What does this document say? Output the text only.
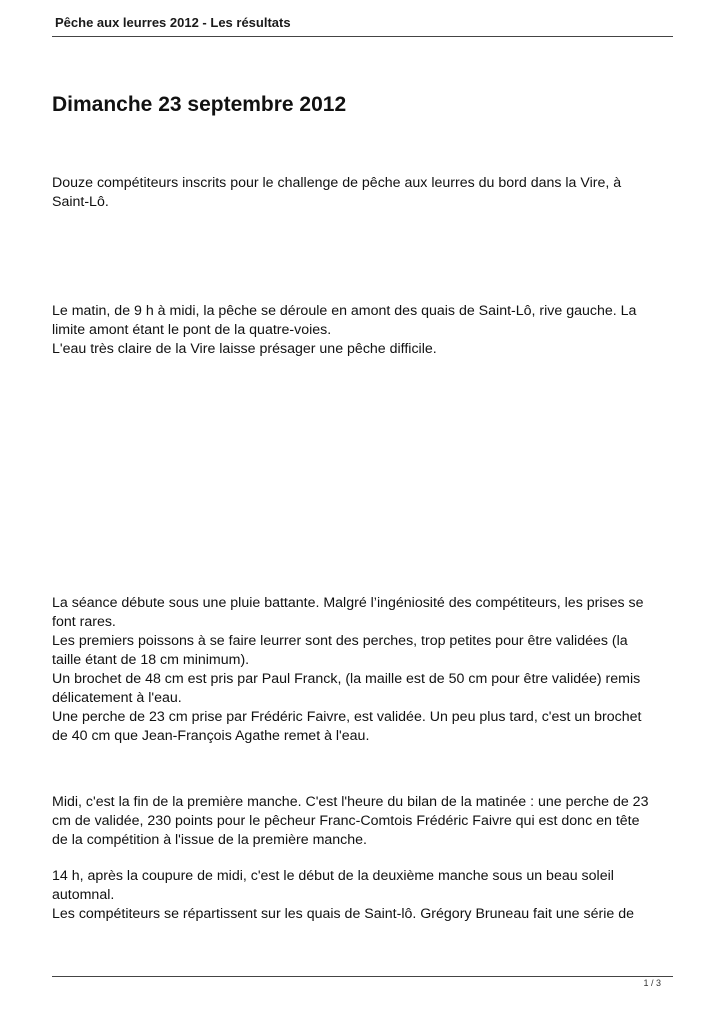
Pêche aux leurres 2012 - Les résultats
Dimanche 23 septembre 2012
Douze compétiteurs inscrits pour le challenge de pêche aux leurres du bord dans la Vire, à
Saint-Lô.
Le matin, de 9 h à midi, la pêche se déroule en amont des quais de Saint-Lô, rive gauche. La
limite amont étant le pont de la quatre-voies.
L'eau très claire de la Vire laisse présager une pêche difficile.
La séance débute sous une pluie battante. Malgré l’ingéniosité des compétiteurs, les prises se
font rares.
Les premiers poissons à se faire leurrer sont des perches, trop petites pour être validées (la
taille étant de 18 cm minimum).
Un brochet de 48 cm est pris par Paul Franck, (la maille est de 50 cm pour être validée) remis
délicatement à l'eau.
Une perche de 23 cm prise par Frédéric Faivre, est validée. Un peu plus tard, c'est un brochet
de 40 cm que Jean-François Agathe remet à l'eau.
Midi, c'est la fin de la première manche. C'est l'heure du bilan de la matinée : une perche de 23
cm de validée, 230 points pour le pêcheur Franc-Comtois Frédéric Faivre qui est donc en tête
de la compétition à l'issue de la première manche.
14 h, après la coupure de midi, c'est le début de la deuxième manche sous un beau soleil
automnal.
Les compétiteurs se répartissent sur les quais de Saint-lô. Grégory Bruneau fait une série de
1 / 3
